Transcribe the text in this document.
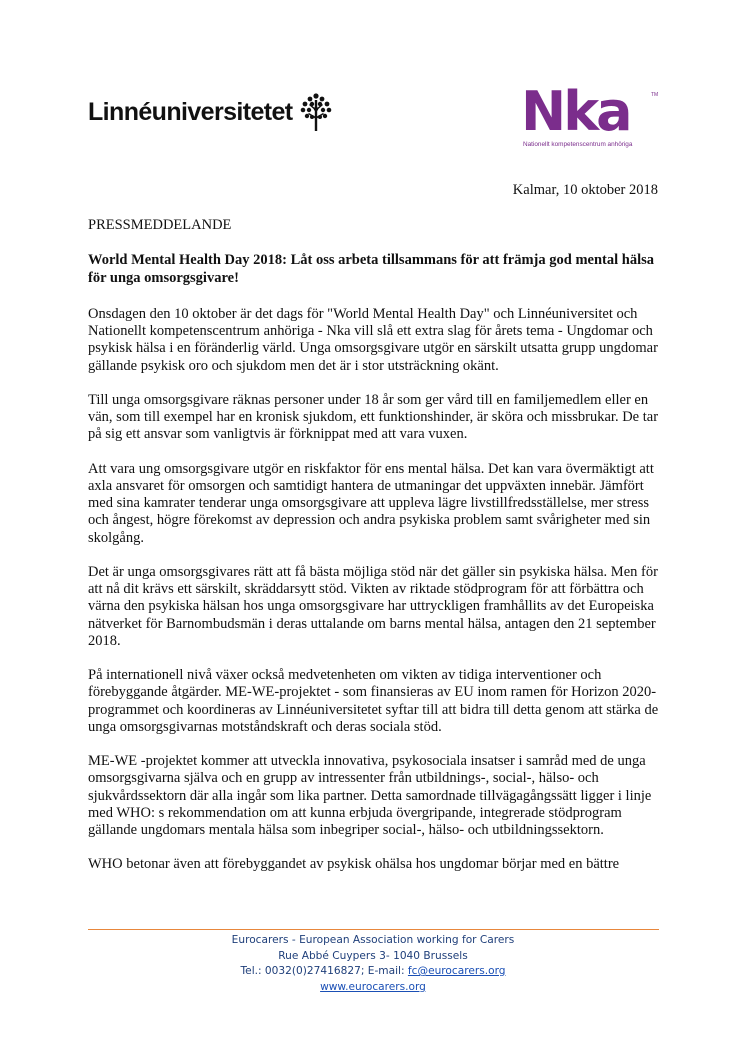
Linnéuniversitetet	Nka	TM
Nationellt kompetenscentrum anhöriga
Kalmar, 10 oktober 2018
PRESSMEDDELANDE
World Mental Health Day 2018: Låt oss arbeta tillsammans för att främja god mental hälsa för unga omsorgsgivare!

Onsdagen den 10 oktober är det dags för "World Mental Health Day" och Linnéuniversitet och Nationellt kompetenscentrum anhöriga - Nka vill slå ett extra slag för årets tema - Ungdomar och psykisk hälsa i en föränderlig värld. Unga omsorgsgivare utgör en särskilt utsatta grupp ungdomar gällande psykisk oro och sjukdom men det är i stor utsträckning okänt.

Till unga omsorgsgivare räknas personer under 18 år som ger vård till en familjemedlem eller en vän, som till exempel har en kronisk sjukdom, ett funktionshinder, är sköra och missbrukar. De tar på sig ett ansvar som vanligtvis är förknippat med att vara vuxen.

Att vara ung omsorgsgivare utgör en riskfaktor för ens mental hälsa. Det kan vara övermäktigt att axla ansvaret för omsorgen och samtidigt hantera de utmaningar det uppväxten innebär. Jämfört med sina kamrater tenderar unga omsorgsgivare att uppleva lägre livstillfredsställelse, mer stress och ångest, högre förekomst av depression och andra psykiska problem samt svårigheter med sin skolgång.

Det är unga omsorgsgivares rätt att få bästa möjliga stöd när det gäller sin psykiska hälsa. Men för att nå dit krävs ett särskilt, skräddarsytt stöd. Vikten av riktade stödprogram för att förbättra och värna den psykiska hälsan hos unga omsorgsgivare har uttryckligen framhållits av det Europeiska nätverket för Barnombudsmän i deras uttalande om barns mental hälsa, antagen den 21 september 2018.

På internationell nivå växer också medvetenheten om vikten av tidiga interventioner och förebyggande åtgärder. ME-WE-projektet - som finansieras av EU inom ramen för Horizon 2020-programmet och koordineras av Linnéuniversitetet syftar till att bidra till detta genom att stärka de unga omsorgsgivarnas motståndskraft och deras sociala stöd.

ME-WE -projektet kommer att utveckla innovativa, psykosociala insatser i samråd med de unga omsorgsgivarna själva och en grupp av intressenter från utbildnings-, social-, hälso- och sjukvårdssektorn där alla ingår som lika partner. Detta samordnade tillvägagångssätt ligger i linje med WHO: s rekommendation om att kunna erbjuda övergripande, integrerade stödprogram gällande ungdomars mentala hälsa som inbegriper social-, hälso- och utbildningssektorn.

WHO betonar även att förebyggandet av psykisk ohälsa hos ungdomar börjar med en bättre

Eurocarers - European Association working for Carers
Rue Abbé Cuypers 3- 1040 Brussels
Tel.: 0032(0)27416827; E-mail: fc@eurocarers.org
www.eurocarers.org
